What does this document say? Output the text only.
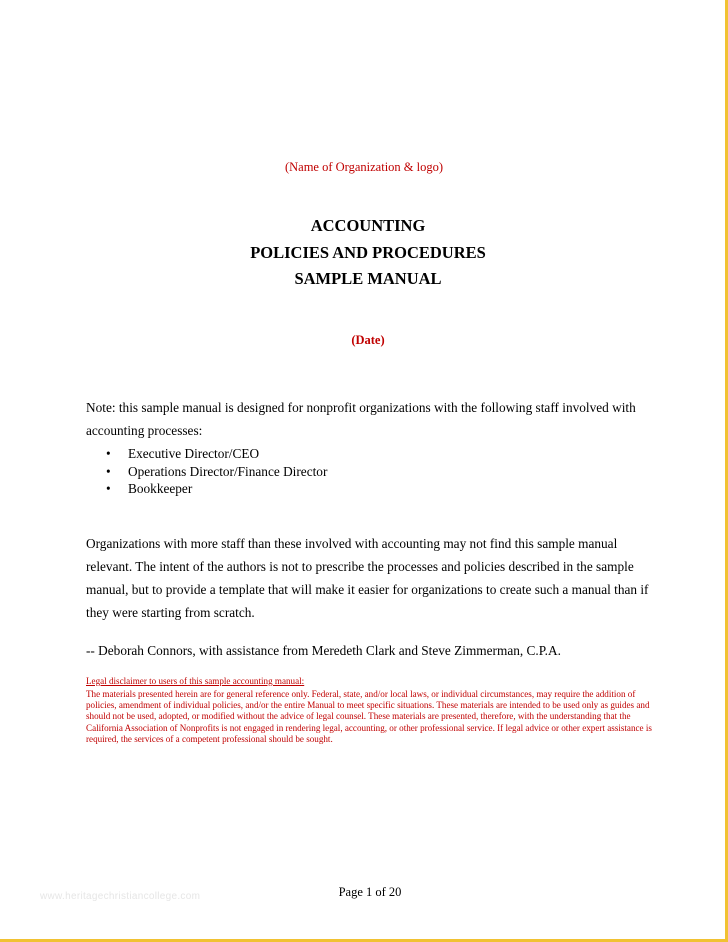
(Name of Organization & logo)
ACCOUNTING
POLICIES AND PROCEDURES
SAMPLE MANUAL
(Date)
Note: this sample manual is designed for nonprofit organizations with the following staff involved with accounting processes:
• Executive Director/CEO
• Operations Director/Finance Director
• Bookkeeper
Organizations with more staff than these involved with accounting may not find this sample manual relevant. The intent of the authors is not to prescribe the processes and policies described in the sample manual, but to provide a template that will make it easier for organizations to create such a manual than if they were starting from scratch.
-- Deborah Connors, with assistance from Meredeth Clark and Steve Zimmerman, C.P.A.
Legal disclaimer to users of this sample accounting manual:
The materials presented herein are for general reference only. Federal, state, and/or local laws, or individual circumstances, may require the addition of policies, amendment of individual policies, and/or the entire Manual to meet specific situations. These materials are intended to be used only as guides and should not be used, adopted, or modified without the advice of legal counsel. These materials are presented, therefore, with the understanding that the California Association of Nonprofits is not engaged in rendering legal, accounting, or other professional service. If legal advice or other expert assistance is required, the services of a competent professional should be sought.
www.heritagechristiancollege.com	Page 1 of 20
